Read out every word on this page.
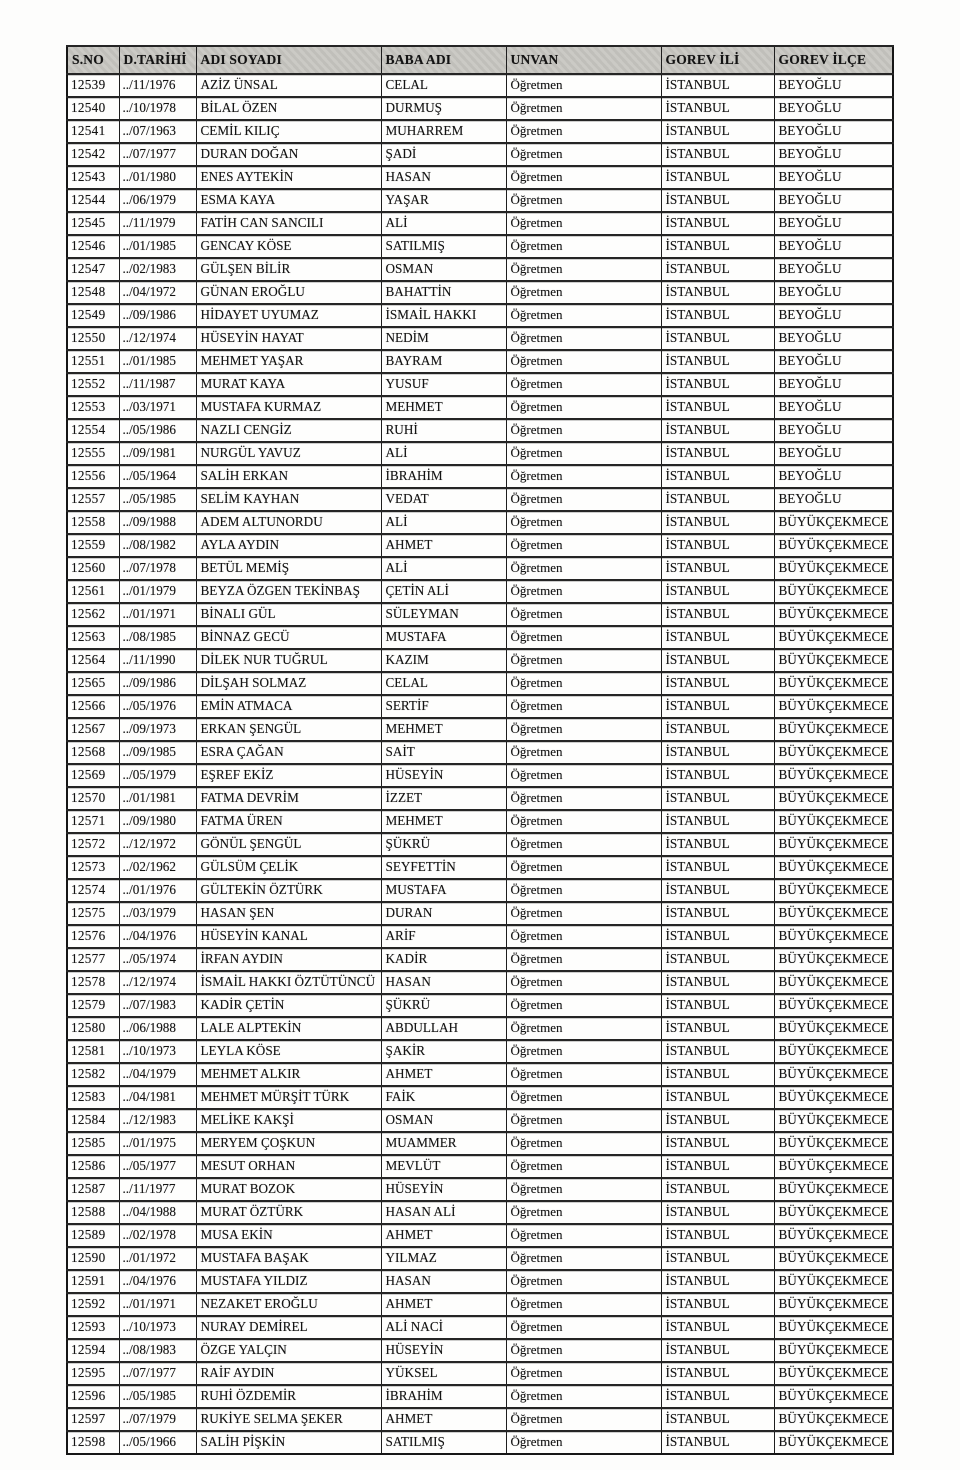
S.NO	D.TARİHİ	ADI SOYADI	BABA ADI	UNVAN	GOREV İLİ	GOREV İLÇE
12539	../11/1976	AZİZ ÜNSAL	CELAL	Öğretmen	İSTANBUL	BEYOĞLU
12540	../10/1978	BİLAL ÖZEN	DURMUŞ	Öğretmen	İSTANBUL	BEYOĞLU
12541	../07/1963	CEMİL KILIÇ	MUHARREM	Öğretmen	İSTANBUL	BEYOĞLU
12542	../07/1977	DURAN DOĞAN	ŞADİ	Öğretmen	İSTANBUL	BEYOĞLU
12543	../01/1980	ENES AYTEKİN	HASAN	Öğretmen	İSTANBUL	BEYOĞLU
12544	../06/1979	ESMA KAYA	YAŞAR	Öğretmen	İSTANBUL	BEYOĞLU
12545	../11/1979	FATİH CAN SANCILI	ALİ	Öğretmen	İSTANBUL	BEYOĞLU
12546	../01/1985	GENCAY KÖSE	SATILMIŞ	Öğretmen	İSTANBUL	BEYOĞLU
12547	../02/1983	GÜLŞEN BİLİR	OSMAN	Öğretmen	İSTANBUL	BEYOĞLU
12548	../04/1972	GÜNAN EROĞLU	BAHATTİN	Öğretmen	İSTANBUL	BEYOĞLU
12549	../09/1986	HİDAYET UYUMAZ	İSMAİL HAKKI	Öğretmen	İSTANBUL	BEYOĞLU
12550	../12/1974	HÜSEYİN HAYAT	NEDİM	Öğretmen	İSTANBUL	BEYOĞLU
12551	../01/1985	MEHMET YAŞAR	BAYRAM	Öğretmen	İSTANBUL	BEYOĞLU
12552	../11/1987	MURAT KAYA	YUSUF	Öğretmen	İSTANBUL	BEYOĞLU
12553	../03/1971	MUSTAFA KURMAZ	MEHMET	Öğretmen	İSTANBUL	BEYOĞLU
12554	../05/1986	NAZLI CENGİZ	RUHİ	Öğretmen	İSTANBUL	BEYOĞLU
12555	../09/1981	NURGÜL YAVUZ	ALİ	Öğretmen	İSTANBUL	BEYOĞLU
12556	../05/1964	SALİH ERKAN	İBRAHİM	Öğretmen	İSTANBUL	BEYOĞLU
12557	../05/1985	SELİM KAYHAN	VEDAT	Öğretmen	İSTANBUL	BEYOĞLU
12558	../09/1988	ADEM ALTUNORDU	ALİ	Öğretmen	İSTANBUL	BÜYÜKÇEKMECE
12559	../08/1982	AYLA AYDIN	AHMET	Öğretmen	İSTANBUL	BÜYÜKÇEKMECE
12560	../07/1978	BETÜL MEMİŞ	ALİ	Öğretmen	İSTANBUL	BÜYÜKÇEKMECE
12561	../01/1979	BEYZA ÖZGEN TEKİNBAŞ	ÇETİN ALİ	Öğretmen	İSTANBUL	BÜYÜKÇEKMECE
12562	../01/1971	BİNALI GÜL	SÜLEYMAN	Öğretmen	İSTANBUL	BÜYÜKÇEKMECE
12563	../08/1985	BİNNAZ GECÜ	MUSTAFA	Öğretmen	İSTANBUL	BÜYÜKÇEKMECE
12564	../11/1990	DİLEK NUR TUĞRUL	KAZIM	Öğretmen	İSTANBUL	BÜYÜKÇEKMECE
12565	../09/1986	DİLŞAH SOLMAZ	CELAL	Öğretmen	İSTANBUL	BÜYÜKÇEKMECE
12566	../05/1976	EMİN ATMACA	SERTİF	Öğretmen	İSTANBUL	BÜYÜKÇEKMECE
12567	../09/1973	ERKAN ŞENGÜL	MEHMET	Öğretmen	İSTANBUL	BÜYÜKÇEKMECE
12568	../09/1985	ESRA ÇAĞAN	SAİT	Öğretmen	İSTANBUL	BÜYÜKÇEKMECE
12569	../05/1979	EŞREF EKİZ	HÜSEYİN	Öğretmen	İSTANBUL	BÜYÜKÇEKMECE
12570	../01/1981	FATMA DEVRİM	İZZET	Öğretmen	İSTANBUL	BÜYÜKÇEKMECE
12571	../09/1980	FATMA ÜREN	MEHMET	Öğretmen	İSTANBUL	BÜYÜKÇEKMECE
12572	../12/1972	GÖNÜL ŞENGÜL	ŞÜKRÜ	Öğretmen	İSTANBUL	BÜYÜKÇEKMECE
12573	../02/1962	GÜLSÜM ÇELİK	SEYFETTİN	Öğretmen	İSTANBUL	BÜYÜKÇEKMECE
12574	../01/1976	GÜLTEKİN ÖZTÜRK	MUSTAFA	Öğretmen	İSTANBUL	BÜYÜKÇEKMECE
12575	../03/1979	HASAN ŞEN	DURAN	Öğretmen	İSTANBUL	BÜYÜKÇEKMECE
12576	../04/1976	HÜSEYİN KANAL	ARİF	Öğretmen	İSTANBUL	BÜYÜKÇEKMECE
12577	../05/1974	İRFAN AYDIN	KADİR	Öğretmen	İSTANBUL	BÜYÜKÇEKMECE
12578	../12/1974	İSMAİL HAKKI ÖZTÜTÜNCÜ	HASAN	Öğretmen	İSTANBUL	BÜYÜKÇEKMECE
12579	../07/1983	KADİR ÇETİN	ŞÜKRÜ	Öğretmen	İSTANBUL	BÜYÜKÇEKMECE
12580	../06/1988	LALE ALPTEKİN	ABDULLAH	Öğretmen	İSTANBUL	BÜYÜKÇEKMECE
12581	../10/1973	LEYLA KÖSE	ŞAKİR	Öğretmen	İSTANBUL	BÜYÜKÇEKMECE
12582	../04/1979	MEHMET ALKIR	AHMET	Öğretmen	İSTANBUL	BÜYÜKÇEKMECE
12583	../04/1981	MEHMET MÜRŞİT TÜRK	FAİK	Öğretmen	İSTANBUL	BÜYÜKÇEKMECE
12584	../12/1983	MELİKE KAKŞİ	OSMAN	Öğretmen	İSTANBUL	BÜYÜKÇEKMECE
12585	../01/1975	MERYEM ÇOŞKUN	MUAMMER	Öğretmen	İSTANBUL	BÜYÜKÇEKMECE
12586	../05/1977	MESUT ORHAN	MEVLÜT	Öğretmen	İSTANBUL	BÜYÜKÇEKMECE
12587	../11/1977	MURAT BOZOK	HÜSEYİN	Öğretmen	İSTANBUL	BÜYÜKÇEKMECE
12588	../04/1988	MURAT ÖZTÜRK	HASAN ALİ	Öğretmen	İSTANBUL	BÜYÜKÇEKMECE
12589	../02/1978	MUSA EKİN	AHMET	Öğretmen	İSTANBUL	BÜYÜKÇEKMECE
12590	../01/1972	MUSTAFA BAŞAK	YILMAZ	Öğretmen	İSTANBUL	BÜYÜKÇEKMECE
12591	../04/1976	MUSTAFA YILDIZ	HASAN	Öğretmen	İSTANBUL	BÜYÜKÇEKMECE
12592	../01/1971	NEZAKET EROĞLU	AHMET	Öğretmen	İSTANBUL	BÜYÜKÇEKMECE
12593	../10/1973	NURAY DEMİREL	ALİ NACİ	Öğretmen	İSTANBUL	BÜYÜKÇEKMECE
12594	../08/1983	ÖZGE YALÇIN	HÜSEYİN	Öğretmen	İSTANBUL	BÜYÜKÇEKMECE
12595	../07/1977	RAİF AYDIN	YÜKSEL	Öğretmen	İSTANBUL	BÜYÜKÇEKMECE
12596	../05/1985	RUHİ ÖZDEMİR	İBRAHİM	Öğretmen	İSTANBUL	BÜYÜKÇEKMECE
12597	../07/1979	RUKİYE SELMA ŞEKER	AHMET	Öğretmen	İSTANBUL	BÜYÜKÇEKMECE
12598	../05/1966	SALİH PİŞKİN	SATILMIŞ	Öğretmen	İSTANBUL	BÜYÜKÇEKMECE
